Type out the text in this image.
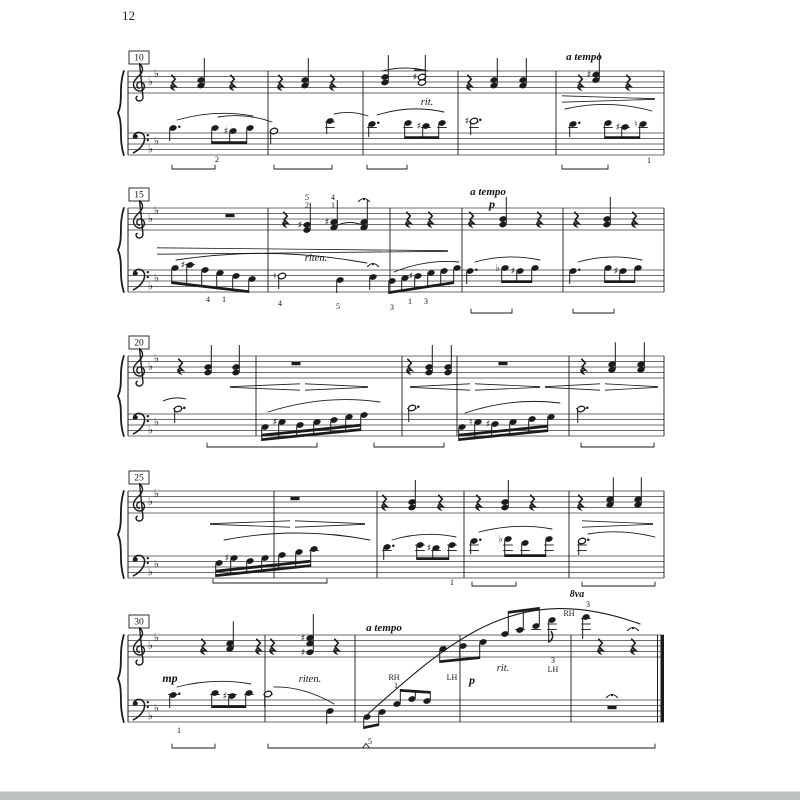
12
♭
♭
♭
♭
♯	♯	♯ ♮
♯	♯
♯
10	a tempo
rit.
2	1
♭
♭
♭
♭
♯
♯
♭ ♯	♯
♯ ♯
♮
15	5
2
4
1
riten.
a tempo
p
4 1	4	5	3
1 3
♭
♭
♭
♭	♯	♮ ♯
20
♭
♭
♭
♭	♯
♯
♭
25
1
♭
♭
♭
♭
♯
♯
♯
30
mp	riten.
a tempo
RH
1
LH p
rit.
3
LH
8va
3
RH
5
1
